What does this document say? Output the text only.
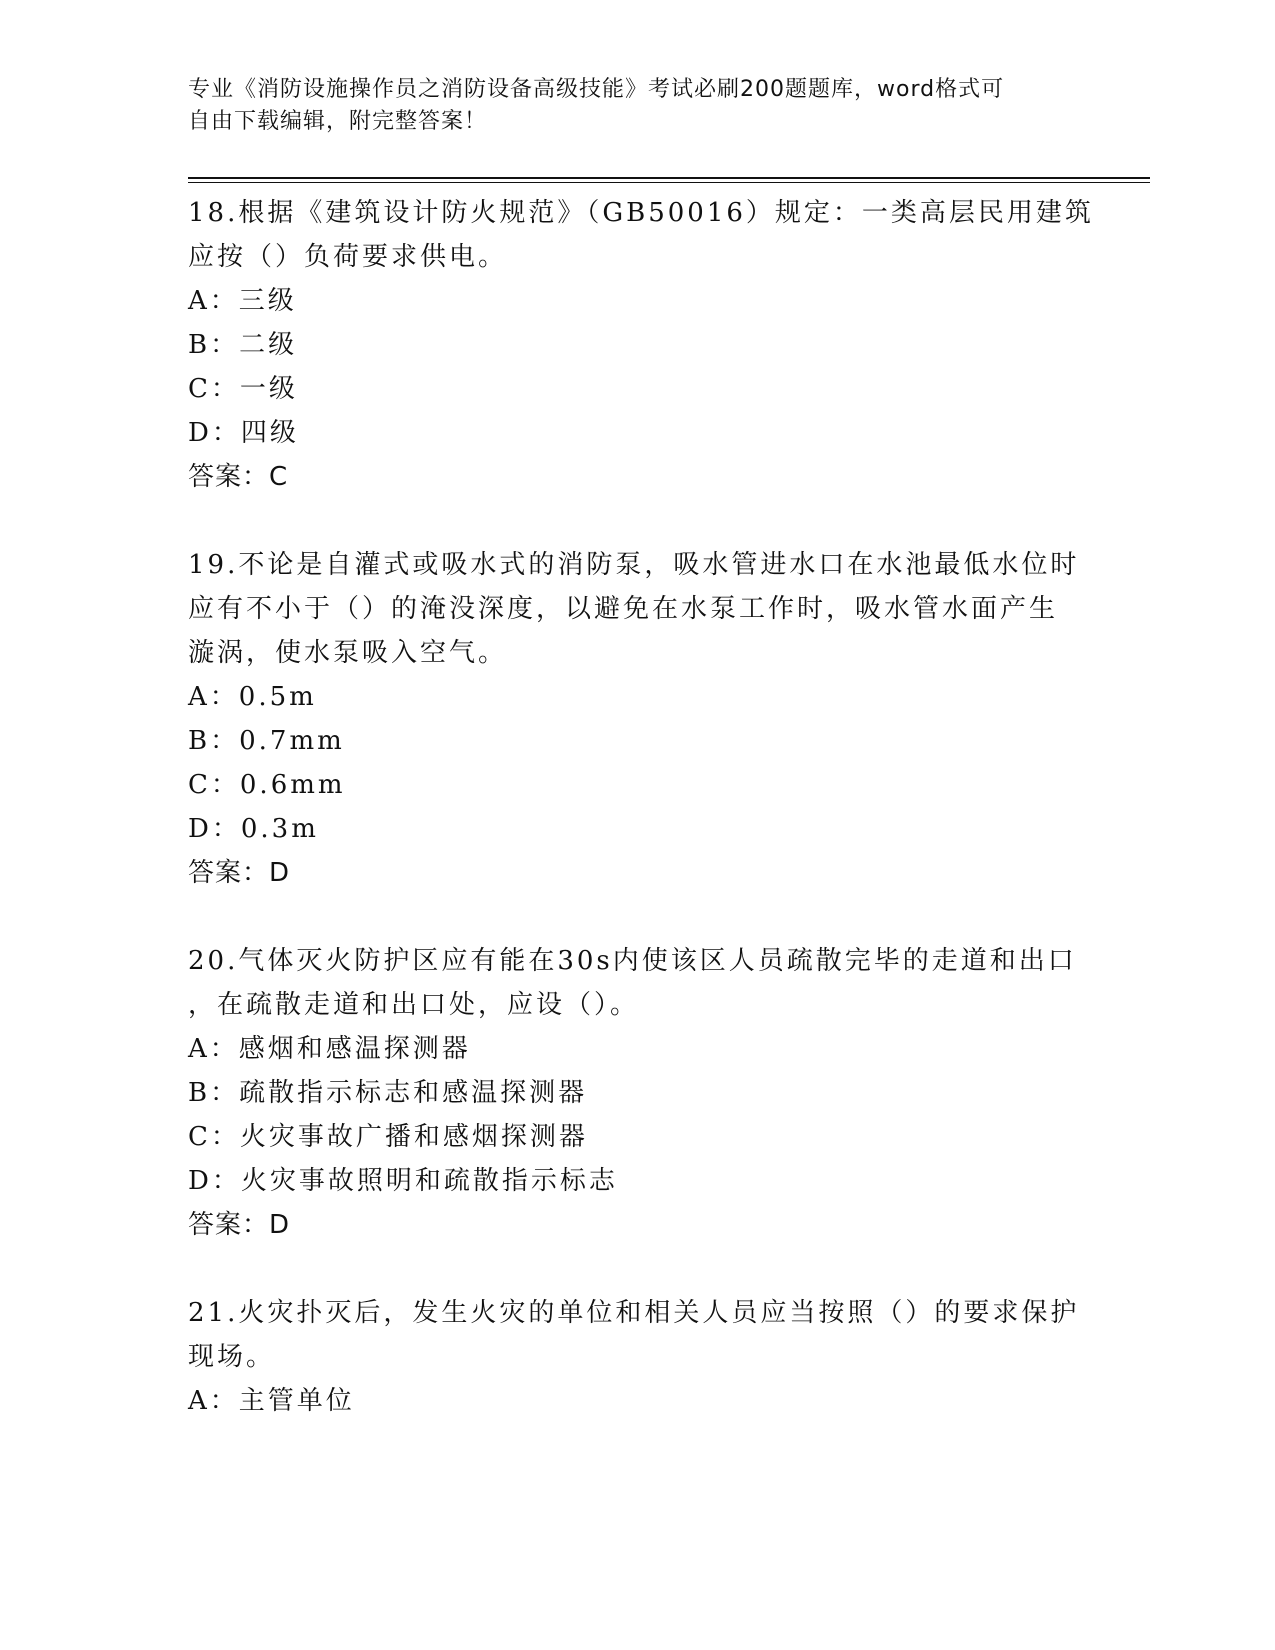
专业《消防设施操作员之消防设备高级技能》考试必刷200题题库，word格式可
自由下载编辑，附完整答案！
18.根据《建筑设计防火规范》（GB50016）规定：一类高层民用建筑
应按（）负荷要求供电。
A：三级
B：二级
C：一级
D：四级
答案：C
19.不论是自灌式或吸水式的消防泵，吸水管进水口在水池最低水位时
应有不小于（）的淹没深度，以避免在水泵工作时，吸水管水面产生
漩涡，使水泵吸入空气。
A：0.5m
B：0.7mm
C：0.6mm
D：0.3m
答案：D
20.气体灭火防护区应有能在30s内使该区人员疏散完毕的走道和出口
，在疏散走道和出口处，应设（）。
A：感烟和感温探测器
B：疏散指示标志和感温探测器
C：火灾事故广播和感烟探测器
D：火灾事故照明和疏散指示标志
答案：D
21.火灾扑灭后，发生火灾的单位和相关人员应当按照（）的要求保护
现场。
A：主管单位
